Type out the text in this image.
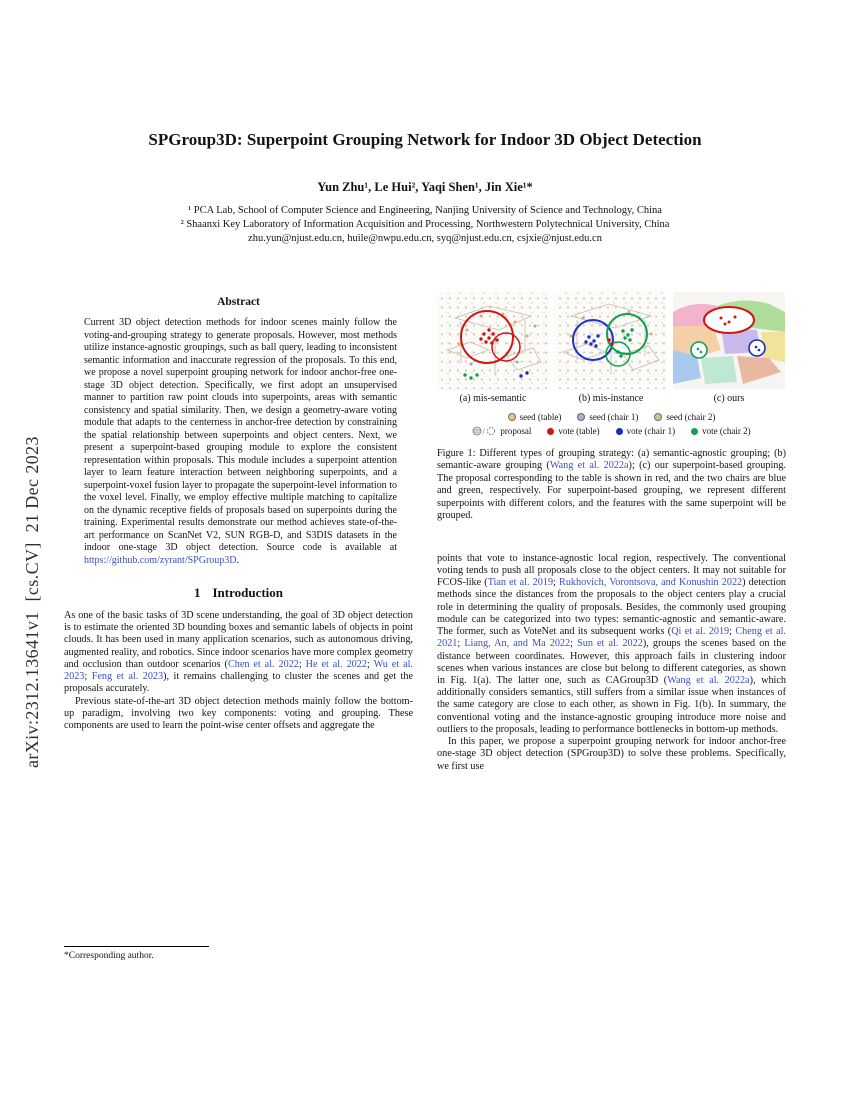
arXiv:2312.13641v1  [cs.CV]  21 Dec 2023
SPGroup3D: Superpoint Grouping Network for Indoor 3D Object Detection
Yun Zhu¹, Le Hui², Yaqi Shen¹, Jin Xie¹*
¹ PCA Lab, School of Computer Science and Engineering, Nanjing University of Science and Technology, China
² Shaanxi Key Laboratory of Information Acquisition and Processing, Northwestern Polytechnical University, China
zhu.yun@njust.edu.cn, huile@nwpu.edu.cn, syq@njust.edu.cn, csjxie@njust.edu.cn
Abstract
Current 3D object detection methods for indoor scenes mainly follow the voting-and-grouping strategy to generate proposals. However, most methods utilize instance-agnostic groupings, such as ball query, leading to inconsistent semantic information and inaccurate regression of the proposals. To this end, we propose a novel superpoint grouping network for indoor anchor-free one-stage 3D object detection. Specifically, we first adopt an unsupervised manner to partition raw point clouds into superpoints, areas with semantic consistency and spatial similarity. Then, we design a geometry-aware voting module that adapts to the centerness in anchor-free detection by constraining the spatial relationship between superpoints and object centers. Next, we present a superpoint-based grouping module to explore the consistent representation within proposals. This module includes a superpoint attention layer to learn feature interaction between neighboring superpoints, and a superpoint-voxel fusion layer to propagate the superpoint-level information to the voxel level. Finally, we employ effective multiple matching to capitalize on the dynamic receptive fields of proposals based on superpoints during the training. Experimental results demonstrate our method achieves state-of-the-art performance on ScanNet V2, SUN RGB-D, and S3DIS datasets in the indoor one-stage 3D object detection. Source code is available at https://github.com/zyrant/SPGroup3D.
1 Introduction
As one of the basic tasks of 3D scene understanding, the goal of 3D object detection is to estimate the oriented 3D bounding boxes and semantic labels of objects in point clouds. It has been used in many application scenarios, such as autonomous driving, augmented reality, and robotics. Since indoor scenarios have more complex geometry and occlusion than outdoor scenarios (Chen et al. 2022; He et al. 2022; Wu et al. 2023; Feng et al. 2023), it remains challenging to cluster the scenes and get the proposals accurately.
Previous state-of-the-art 3D object detection methods mainly follow the bottom-up paradigm, involving two key components: voting and grouping. These components are used to learn the point-wise center offsets and aggregate the
(a) mis-semantic	(b) mis-instance	(c) ours
seed (table)	seed (chair 1)	seed (chair 2)
/ proposal	vote (table)	vote (chair 1)	vote (chair 2)
Figure 1: Different types of grouping strategy: (a) semantic-agnostic grouping; (b) semantic-aware grouping (Wang et al. 2022a); (c) our superpoint-based grouping. The proposal corresponding to the table is shown in red, and the two chairs are blue and green, respectively. For superpoint-based grouping, we represent different superpoints with different colors, and the features with the same superpoint will be grouped.
points that vote to instance-agnostic local region, respectively. The conventional voting tends to push all proposals close to the object centers. It may not suitable for FCOS-like (Tian et al. 2019; Rukhovich, Vorontsova, and Konushin 2022) detection methods since the distances from the proposals to the object centers play a crucial role in determining the quality of proposals. Besides, the commonly used grouping module can be categorized into two types: semantic-agnostic and semantic-aware. The former, such as VoteNet and its subsequent works (Qi et al. 2019; Cheng et al. 2021; Liang, An, and Ma 2022; Sun et al. 2022), groups the scenes based on the distance between coordinates. However, this approach fails in clustering indoor scenes when various instances are close but belong to different categories, as shown in Fig. 1(a). The latter one, such as CAGroup3D (Wang et al. 2022a), which additionally considers semantics, still suffers from a similar issue when instances of the same category are close to each other, as shown in Fig. 1(b). In summary, the conventional voting and the instance-agnostic grouping introduce more noise and outliers to the proposals, leading to performance bottlenecks in bottom-up methods.
In this paper, we propose a superpoint grouping network for indoor anchor-free one-stage 3D object detection (SPGroup3D) to solve these problems. Specifically, we first use
*Corresponding author.
